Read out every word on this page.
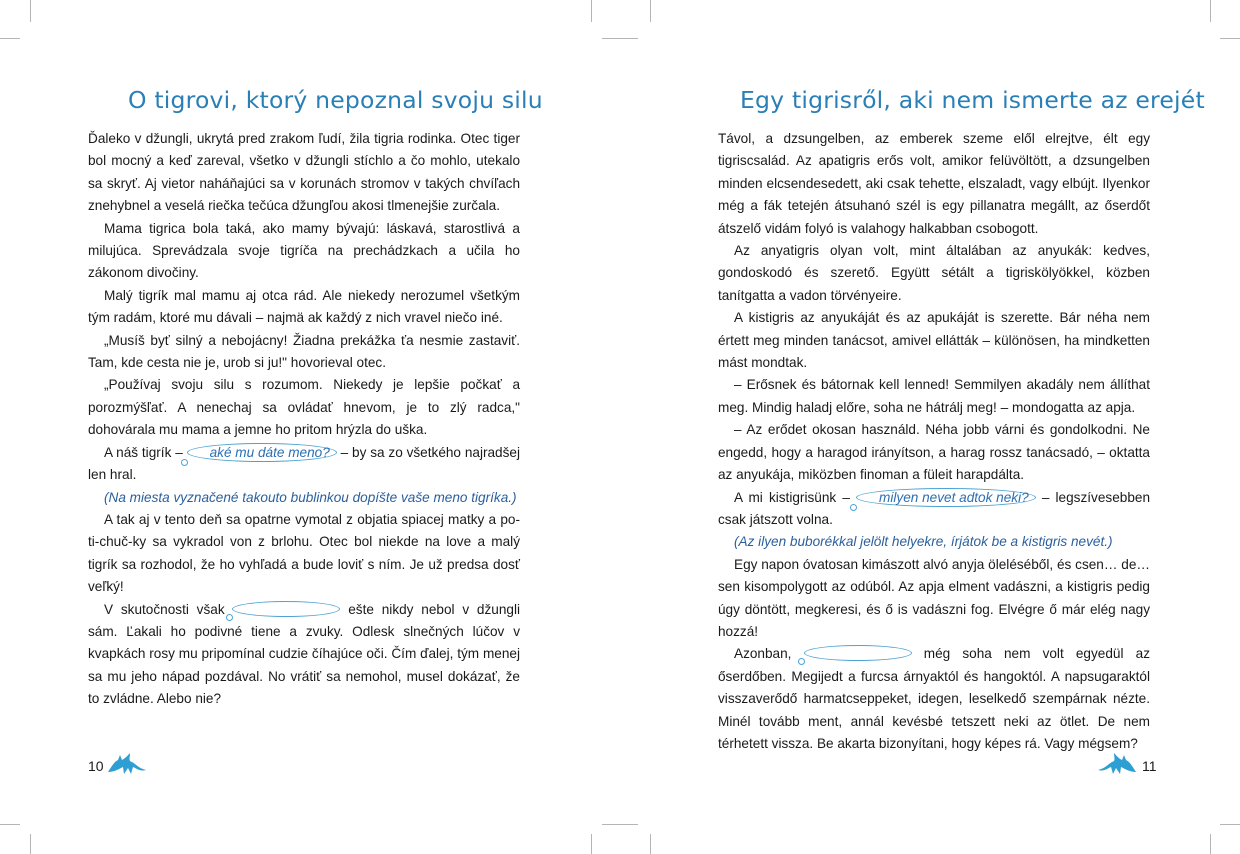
O tigrovi, ktorý nepoznal svoju silu

Ďaleko v džungli, ukrytá pred zrakom ľudí, žila tigria rodinka. Otec tiger bol mocný a keď zareval, všetko v džungli stíchlo a čo mohlo, utekalo sa skryť. Aj vietor naháňajúci sa v korunách stromov v takých chvíľach znehybnel a veselá riečka tečúca džungľou akosi tlmenejšie zurčala.

Mama tigrica bola taká, ako mamy bývajú: láskavá, starostlivá a milujúca. Sprevádzala svoje tigríča na prechádzkach a učila ho zákonom divočiny.

Malý tigrík mal mamu aj otca rád. Ale niekedy nerozumel všetkým tým radám, ktoré mu dávali – najmä ak každý z nich vravel niečo iné.

„Musíš byť silný a nebojácny! Žiadna prekážka ťa nesmie zastaviť. Tam, kde cesta nie je, urob si ju!" hovorieval otec.

„Používaj svoju silu s rozumom. Niekedy je lepšie počkať a porozmýšľať. A nenechaj sa ovládať hnevom, je to zlý radca," dohovárala mu mama a jemne ho pritom hrýzla do uška.

A náš tigrík – aké mu dáte meno? – by sa zo všetkého najradšej len hral.

(Na miesta vyznačené takouto bublinkou dopíšte vaše meno tigríka.)

A tak aj v tento deň sa opatrne vymotal z objatia spiacej matky a po-ti-chuč-ky sa vykradol von z brlohu. Otec bol niekde na love a malý tigrík sa rozhodol, že ho vyhľadá a bude loviť s ním. Je už predsa dosť veľký!

V skutočnosti však	ešte nikdy nebol v džungli sám. Ľakali ho podivné tiene a zvuky. Odlesk slnečných lúčov v kvapkách rosy mu pripomínal cudzie číhajúce oči. Čím ďalej, tým menej sa mu jeho nápad pozdával. No vrátiť sa nemohol, musel dokázať, že to zvládne. Alebo nie?

10
Egy tigrisről, aki nem ismerte az erejét

Távol, a dzsungelben, az emberek szeme elől elrejtve, élt egy tigriscsalád. Az apatigris erős volt, amikor felüvöltött, a dzsungelben minden elcsendesedett, aki csak tehette, elszaladt, vagy elbújt. Ilyenkor még a fák tetején átsuhanó szél is egy pillanatra megállt, az őserdőt átszelő vidám folyó is valahogy halkabban csobogott.

Az anyatigris olyan volt, mint általában az anyukák: kedves, gondoskodó és szerető. Együtt sétált a tigriskölyökkel, közben tanítgatta a vadon törvényeire.

A kistigris az anyukáját és az apukáját is szerette. Bár néha nem értett meg minden tanácsot, amivel ellátták – különösen, ha mindketten mást mondtak.

– Erősnek és bátornak kell lenned! Semmilyen akadály nem állíthat meg. Mindig haladj előre, soha ne hátrálj meg! – mondogatta az apja.

– Az erődet okosan használd. Néha jobb várni és gondolkodni. Ne engedd, hogy a haragod irányítson, a harag rossz tanácsadó, – oktatta az anyukája, miközben finoman a füleit harapdálta.

A mi kistigrisünk – milyen nevet adtok neki? – legszívesebben csak játszott volna.

(Az ilyen buborékkal jelölt helyekre, írjátok be a kistigris nevét.)

Egy napon óvatosan kimászott alvó anyja öleléséből, és csen… de…sen kisompolygott az odúból. Az apja elment vadászni, a kistigris pedig úgy döntött, megkeresi, és ő is vadászni fog. Elvégre ő már elég nagy hozzá!

Azonban,	még soha nem volt egyedül az őserdőben. Megijedt a furcsa árnyaktól és hangoktól. A napsugaraktól visszaverődő harmatcseppeket, idegen, leselkedő szempárnak nézte. Minél tovább ment, annál kevésbé tetszett neki az ötlet. De nem térhetett vissza. Be akarta bizonyítani, hogy képes rá. Vagy mégsem?

11
